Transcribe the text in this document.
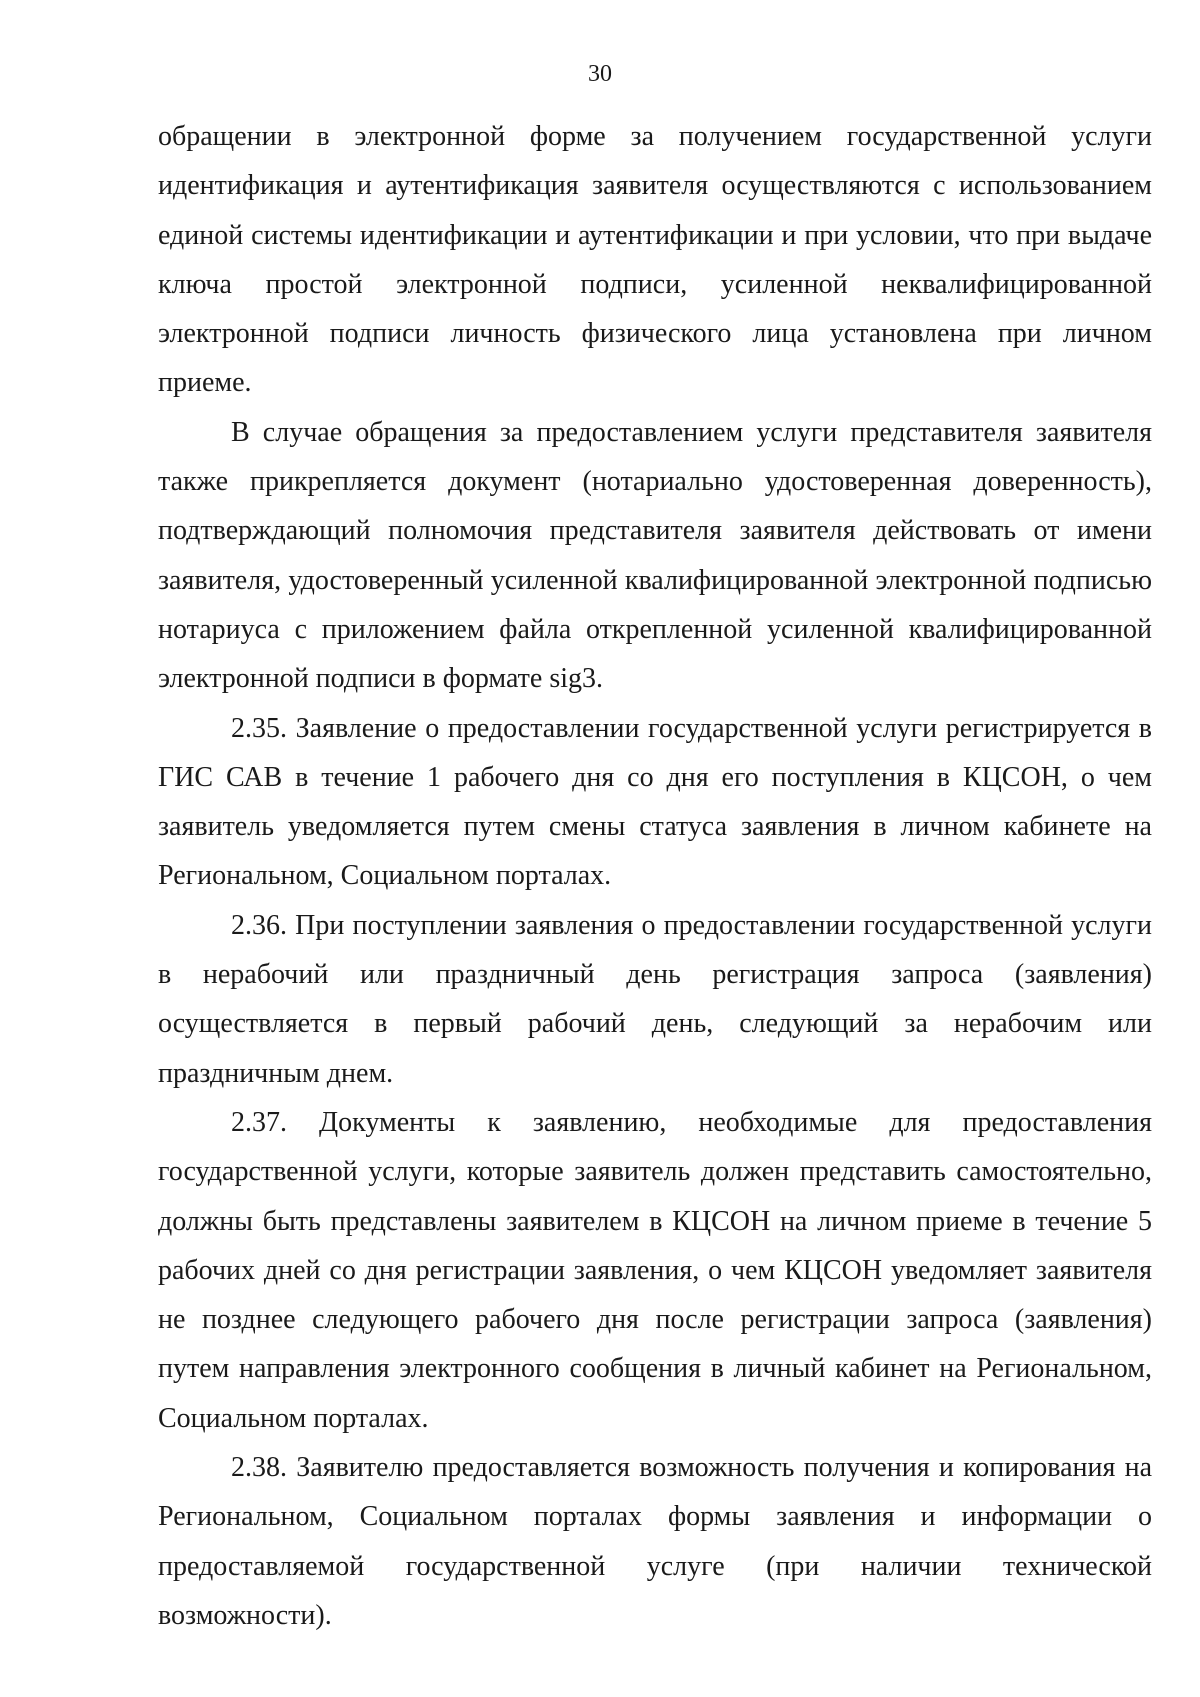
30

обращении в электронной форме за получением государственной услуги идентификация и аутентификация заявителя осуществляются с использованием единой системы идентификации и аутентификации и при условии, что при выдаче ключа простой электронной подписи, усиленной неквалифицированной электронной подписи личность физического лица установлена при личном приеме.

В случае обращения за предоставлением услуги представителя заявителя также прикрепляется документ (нотариально удостоверенная доверенность), подтверждающий полномочия представителя заявителя действовать от имени заявителя, удостоверенный усиленной квалифицированной электронной подписью нотариуса с приложением файла открепленной усиленной квалифицированной электронной подписи в формате sig3.

2.35. Заявление о предоставлении государственной услуги регистрируется в ГИС САВ в течение 1 рабочего дня со дня его поступления в КЦСОН, о чем заявитель уведомляется путем смены статуса заявления в личном кабинете на Региональном, Социальном порталах.

2.36. При поступлении заявления о предоставлении государственной услуги в нерабочий или праздничный день регистрация запроса (заявления) осуществляется в первый рабочий день, следующий за нерабочим или праздничным днем.

2.37. Документы к заявлению, необходимые для предоставления государственной услуги, которые заявитель должен представить самостоятельно, должны быть представлены заявителем в КЦСОН на личном приеме в течение 5 рабочих дней со дня регистрации заявления, о чем КЦСОН уведомляет заявителя не позднее следующего рабочего дня после регистрации запроса (заявления) путем направления электронного сообщения в личный кабинет на Региональном, Социальном порталах.

2.38. Заявителю предоставляется возможность получения и копирования на Региональном, Социальном порталах формы заявления и информации о предоставляемой государственной услуге (при наличии технической возможности).
